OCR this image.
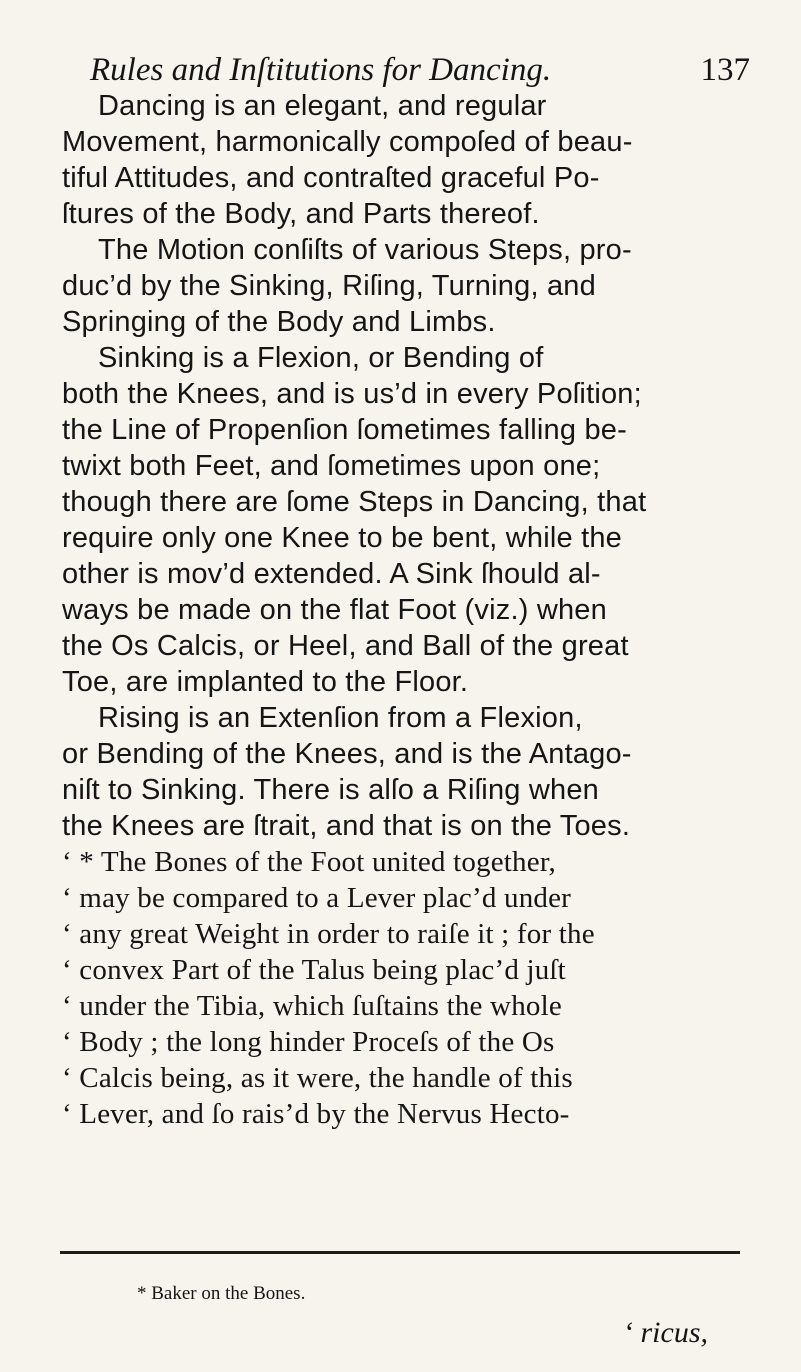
Rules and Inſtitutions for Dancing.	137
Dancing is an elegant, and regular
Movement, harmonically compoſed of beau-
tiful Attitudes, and contraſted graceful Po-
ſtures of the Body, and Parts thereof.
The Motion conſiſts of various Steps, pro-
duc’d by the Sinking, Riſing, Turning, and
Springing of the Body and Limbs.
Sinking is a Flexion, or Bending of
both the Knees, and is us’d in every Poſition;
the Line of Propenſion ſometimes falling be-
twixt both Feet, and ſometimes upon one;
though there are ſome Steps in Dancing, that
require only one Knee to be bent, while the
other is mov’d extended. A Sink ſhould al-
ways be made on the flat Foot (viz.) when
the Os Calcis, or Heel, and Ball of the great
Toe, are implanted to the Floor.
Rising is an Extenſion from a Flexion,
or Bending of the Knees, and is the Antago-
niſt to Sinking. There is alſo a Riſing when
the Knees are ſtrait, and that is on the Toes.
‘ * The Bones of the Foot united together,
‘ may be compared to a Lever plac’d under
‘ any great Weight in order to raiſe it ; for the
‘ convex Part of the Talus being plac’d juſt
‘ under the Tibia, which ſuſtains the whole
‘ Body ; the long hinder Proceſs of the Os
‘ Calcis being, as it were, the handle of this
‘ Lever, and ſo rais’d by the Nervus Hecto-
* Baker on the Bones.
‘ ricus,
